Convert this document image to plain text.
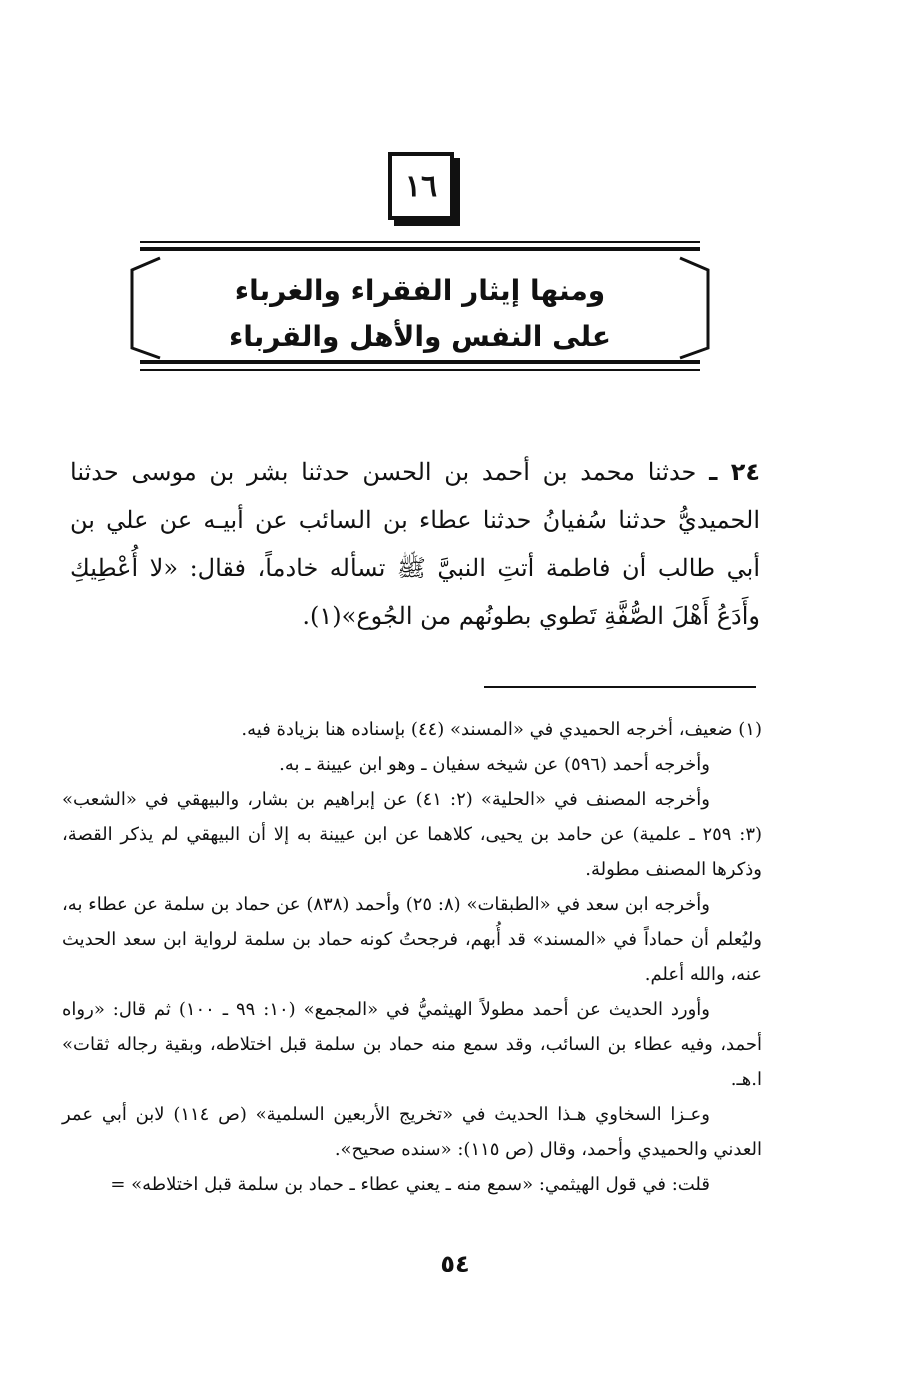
١٦
ومنها إيثار الفقراء والغرباء
على النفس والأهل والقرباء
٢٤ ـ حدثنا محمد بن أحمد بن الحسن حدثنا بشر بن موسى حدثنا الحميديُّ حدثنا سُفيانُ حدثنا عطاء بن السائب عن أبيـه عن علي بن أبي طالب أن فاطمة أتتِ النبيَّ ﷺ تسأله خادماً، فقال: «لا أُعْطِيكِ وأَدَعُ أَهْلَ الصُّفَّةِ تَطوي بطونُهم من الجُوع»(١).

(١) ضعيف، أخرجه الحميدي في «المسند» (٤٤) بإسناده هنا بزيادة فيه.

وأخرجه أحمد (٥٩٦) عن شيخه سفيان ـ وهو ابن عيينة ـ به.

وأخرجه المصنف في «الحلية» (٢: ٤١) عن إبراهيم بن بشار، والبيهقي في «الشعب» (٣: ٢٥٩ ـ علمية) عن حامد بن يحيى، كلاهما عن ابن عيينة به إلا أن البيهقي لم يذكر القصة، وذكرها المصنف مطولة.

وأخرجه ابن سعد في «الطبقات» (٨: ٢٥) وأحمد (٨٣٨) عن حماد بن سلمة عن عطاء به، وليُعلم أن حماداً في «المسند» قد أُبهم، فرجحتُ كونه حماد بن سلمة لرواية ابن سعد الحديث عنه، والله أعلم.

وأورد الحديث عن أحمد مطولاً الهيثميُّ في «المجمع» (١٠: ٩٩ ـ ١٠٠) ثم قال: «رواه أحمد، وفيه عطاء بن السائب، وقد سمع منه حماد بن سلمة قبل اختلاطه، وبقية رجاله ثقات» ا.هـ.

وعـزا السخاوي هـذا الحديث في «تخريج الأربعين السلمية» (ص ١١٤) لابن أبي عمر العدني والحميدي وأحمد، وقال (ص ١١٥): «سنده صحيح».

قلت: في قول الهيثمي: «سمع منه ـ يعني عطاء ـ حماد بن سلمة قبل اختلاطه» =

٥٤
